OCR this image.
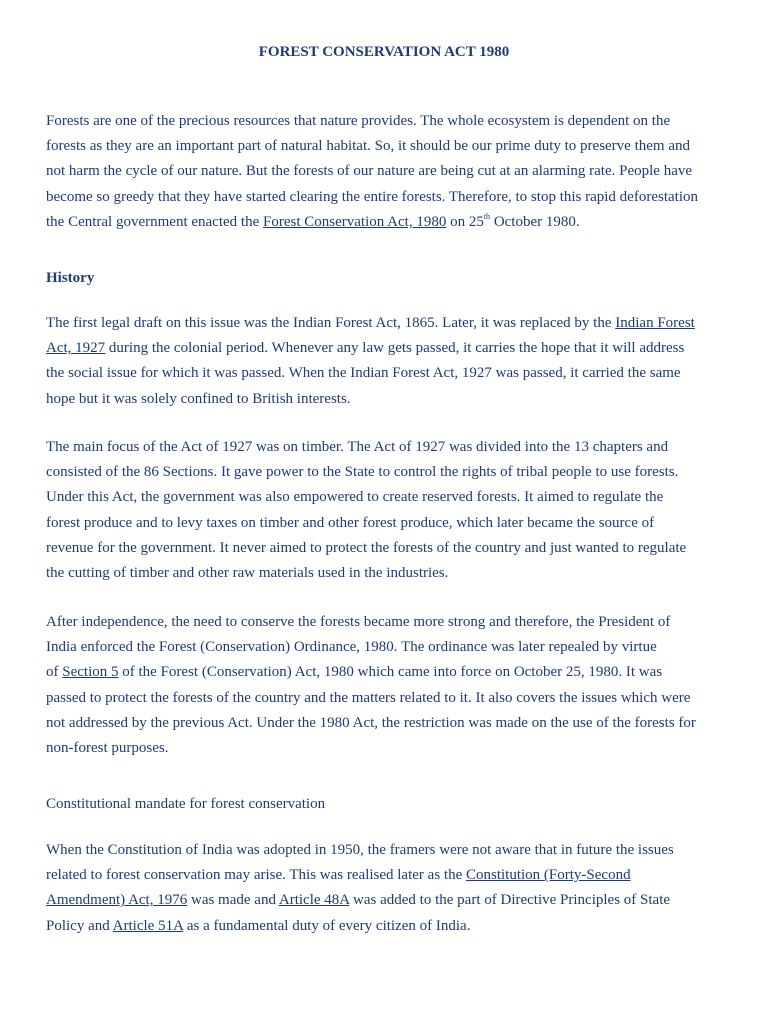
FOREST CONSERVATION ACT 1980
Forests are one of the precious resources that nature provides. The whole ecosystem is dependent on the
forests as they are an important part of natural habitat. So, it should be our prime duty to preserve them and
not harm the cycle of our nature. But the forests of our nature are being cut at an alarming rate. People have
become so greedy that they have started clearing the entire forests. Therefore, to stop this rapid deforestation
the Central government enacted the Forest Conservation Act, 1980 on 25th October 1980.
History
The first legal draft on this issue was the Indian Forest Act, 1865. Later, it was replaced by the Indian Forest
Act, 1927 during the colonial period. Whenever any law gets passed, it carries the hope that it will address
the social issue for which it was passed. When the Indian Forest Act, 1927 was passed, it carried the same
hope but it was solely confined to British interests.
The main focus of the Act of 1927 was on timber. The Act of 1927 was divided into the 13 chapters and
consisted of the 86 Sections. It gave power to the State to control the rights of tribal people to use forests.
Under this Act, the government was also empowered to create reserved forests. It aimed to regulate the
forest produce and to levy taxes on timber and other forest produce, which later became the source of
revenue for the government. It never aimed to protect the forests of the country and just wanted to regulate
the cutting of timber and other raw materials used in the industries.
After independence, the need to conserve the forests became more strong and therefore, the President of
India enforced the Forest (Conservation) Ordinance, 1980. The ordinance was later repealed by virtue
of Section 5 of the Forest (Conservation) Act, 1980 which came into force on October 25, 1980. It was
passed to protect the forests of the country and the matters related to it. It also covers the issues which were
not addressed by the previous Act. Under the 1980 Act, the restriction was made on the use of the forests for
non-forest purposes.
Constitutional mandate for forest conservation
When the Constitution of India was adopted in 1950, the framers were not aware that in future the issues
related to forest conservation may arise. This was realised later as the Constitution (Forty-Second
Amendment) Act, 1976 was made and Article 48A was added to the part of Directive Principles of State
Policy and Article 51A as a fundamental duty of every citizen of India.
